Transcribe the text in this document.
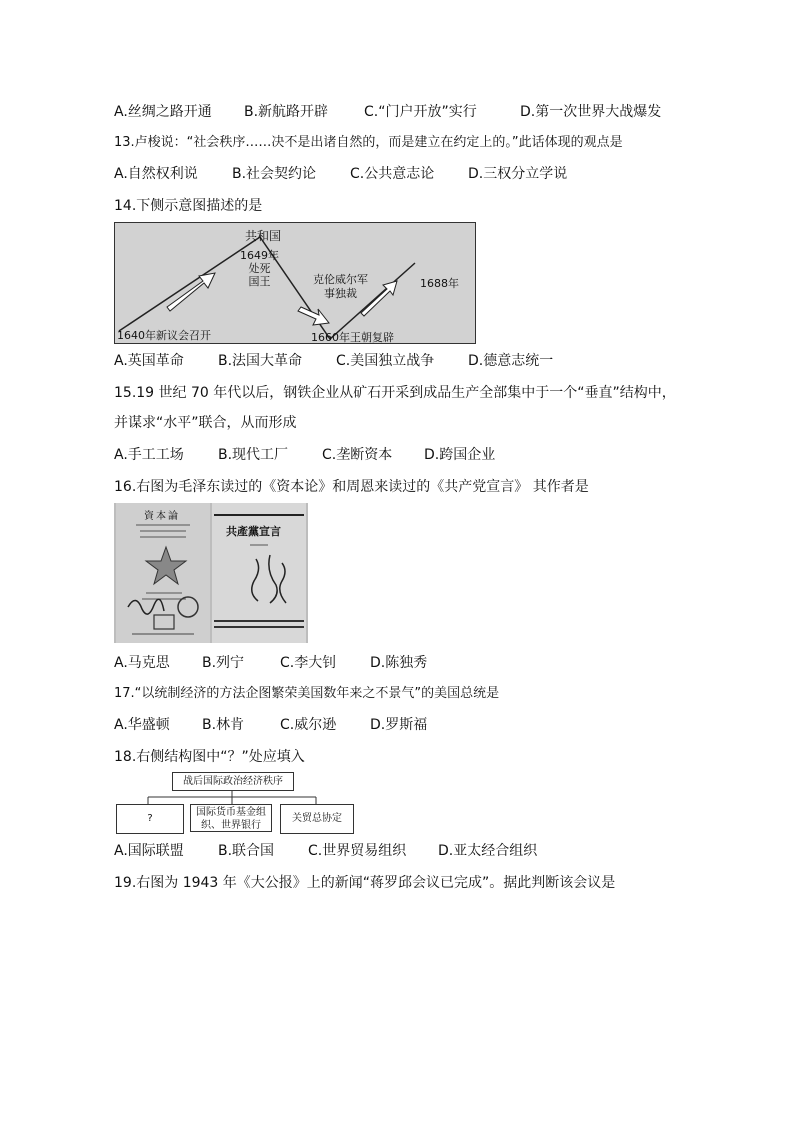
A.丝绸之路开通 B.新航路开辟	C.“门户开放”实行	D.第一次世界大战爆发
13.卢梭说：“社会秩序……决不是出诸自然的，而是建立在约定上的。”此话体现的观点是
A.自然权利说 B.社会契约论 C.公共意志论 D.三权分立学说
14.下侧示意图描述的是
共和国
1649年
处死
国王	克伦威尔军
事独裁
1688年
1640年新议会召开	1660年王朝复辟
A.英国革命 B.法国大革命 C.美国独立战争 D.德意志统一
15.19 世纪 70 年代以后，钢铁企业从矿石开采到成品生产全部集中于一个“垂直”结构中，
并谋求“水平”联合，从而形成
A.手工工场 B.现代工厂 C.垄断资本 D.跨国企业
16.右图为毛泽东读过的《资本论》和周恩来读过的《共产党宣言》 其作者是
資本論
共產黨宣言
A.马克思 B.列宁	C.李大钊 D.陈独秀
17.“以统制经济的方法企图繁荣美国数年来之不景气”的美国总统是
A.华盛顿 B.林肯	C.威尔逊 D.罗斯福
18.右侧结构图中“？”处应填入
战后国际政治经济秩序
?
国际货币基金组
织、世界银行
关贸总协定
A.国际联盟 B.联合国 C.世界贸易组织 D.亚太经合组织
19.右图为 1943 年《大公报》上的新闻“蒋罗邱会议已完成”。据此判断该会议是
